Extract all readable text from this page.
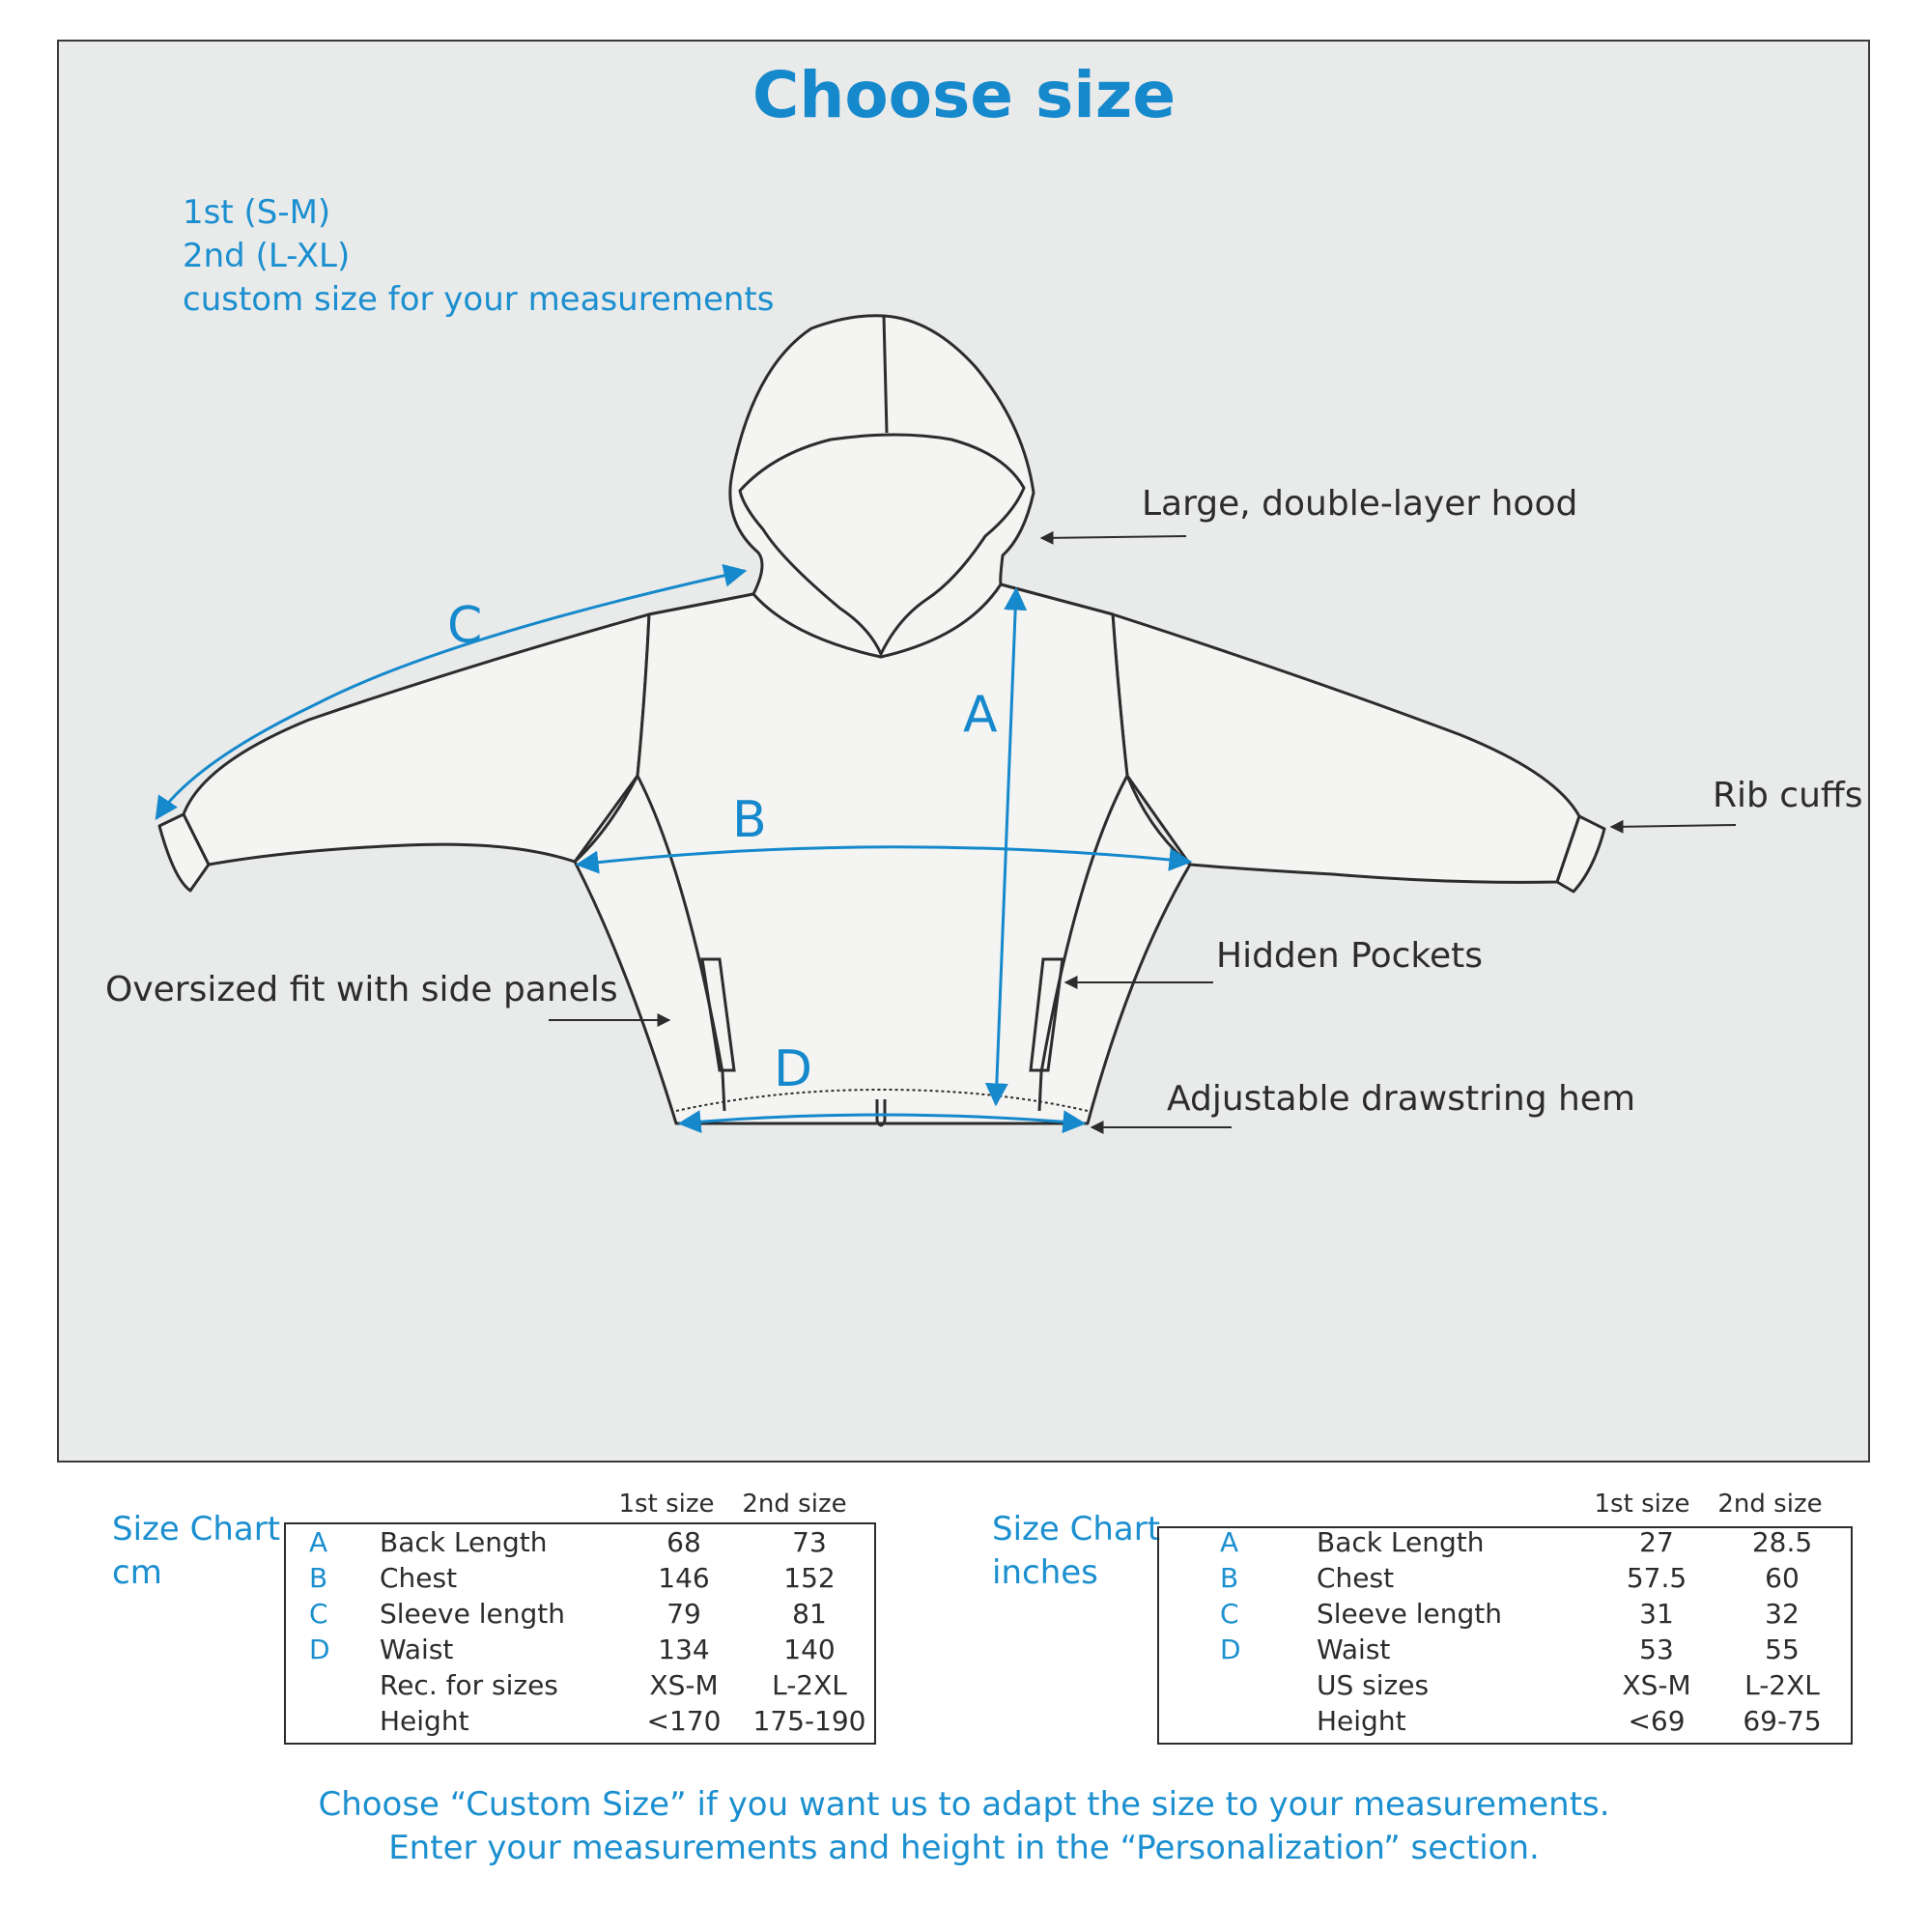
Choose size
1st (S-M)
2nd (L-XL)
custom size for your measurements
C
B
A
D
Large, double-layer hood
Rib cuffs
Hidden Pockets
Oversized fit with side panels
Adjustable drawstring hem
Size Chart
cm
1st size 2nd size
A	Back Length	68	73
B	Chest	146	152
C	Sleeve length	79	81
D	Waist	134	140
	Rec. for sizes	XS-M	L-2XL
	Height	<170	175-190
Size Chart
inches
1st size 2nd size
A	Back Length	27	28.5
B	Chest	57.5	60
C	Sleeve length	31	32
D	Waist	53	55
	US sizes	XS-M	L-2XL
	Height	<69	69-75
Choose “Custom Size” if you want us to adapt the size to your measurements.
Enter your measurements and height in the “Personalization” section.
